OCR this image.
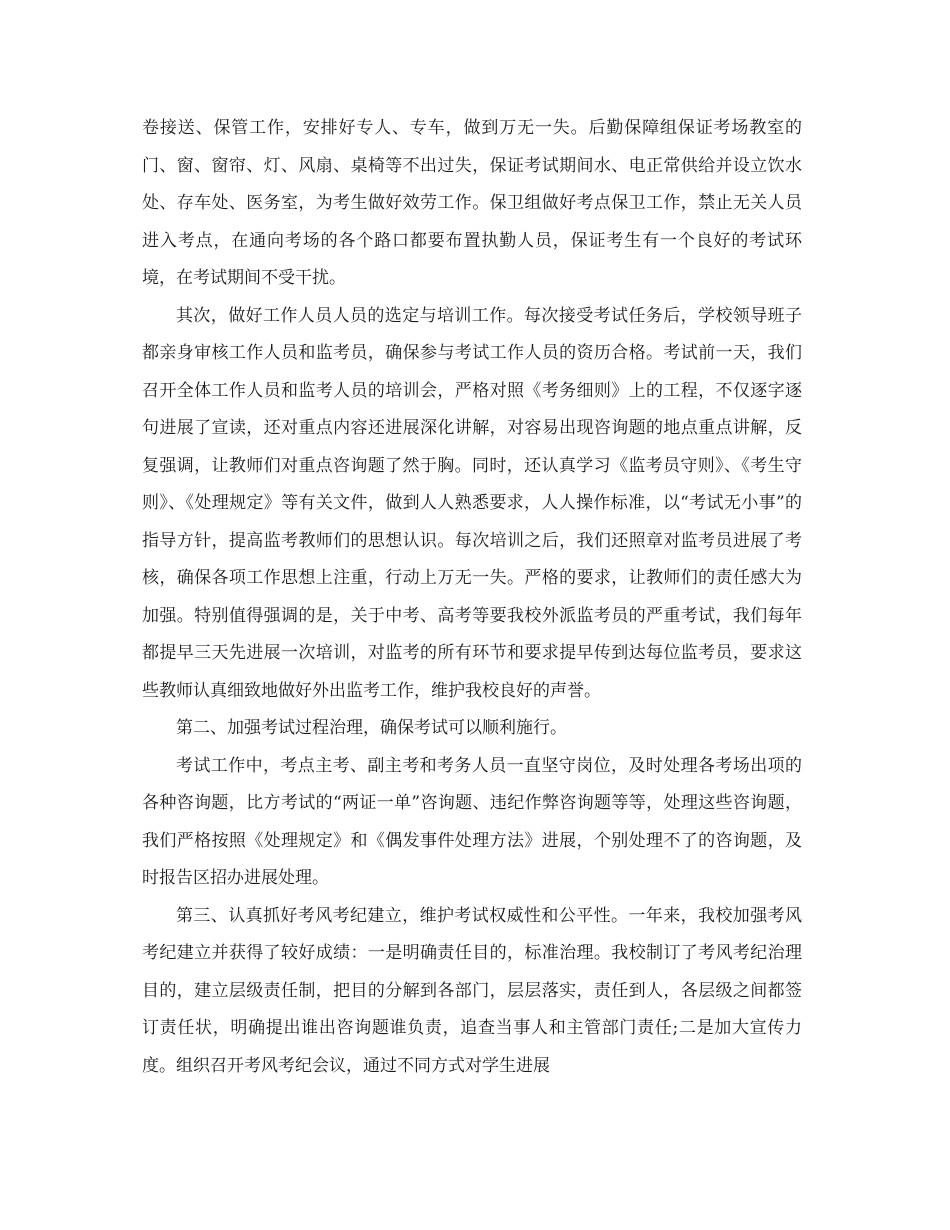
卷接送、保管工作，安排好专人、专车，做到万无一失。后勤保障组保证考场教室的门、窗、窗帘、灯、风扇、桌椅等不出过失，保证考试期间水、电正常供给并设立饮水处、存车处、医务室，为考生做好效劳工作。保卫组做好考点保卫工作，禁止无关人员进入考点，在通向考场的各个路口都要布置执勤人员，保证考生有一个良好的考试环境，在考试期间不受干扰。

其次，做好工作人员人员的选定与培训工作。每次接受考试任务后，学校领导班子都亲身审核工作人员和监考员，确保参与考试工作人员的资历合格。考试前一天，我们召开全体工作人员和监考人员的培训会，严格对照《考务细则》上的工程，不仅逐字逐句进展了宣读，还对重点内容还进展深化讲解，对容易出现咨询题的地点重点讲解，反复强调，让教师们对重点咨询题了然于胸。同时，还认真学习《监考员守则》、《考生守则》、《处理规定》等有关文件，做到人人熟悉要求，人人操作标准，以“考试无小事”的指导方针，提高监考教师们的思想认识。每次培训之后，我们还照章对监考员进展了考核，确保各项工作思想上注重，行动上万无一失。严格的要求，让教师们的责任感大为加强。特别值得强调的是，关于中考、高考等要我校外派监考员的严重考试，我们每年都提早三天先进展一次培训，对监考的所有环节和要求提早传到达每位监考员，要求这些教师认真细致地做好外出监考工作，维护我校良好的声誉。

第二、加强考试过程治理，确保考试可以顺利施行。

考试工作中，考点主考、副主考和考务人员一直坚守岗位，及时处理各考场出项的各种咨询题，比方考试的“两证一单”咨询题、违纪作弊咨询题等等，处理这些咨询题，我们严格按照《处理规定》和《偶发事件处理方法》进展，个别处理不了的咨询题，及时报告区招办进展处理。

第三、认真抓好考风考纪建立，维护考试权威性和公平性。一年来，我校加强考风考纪建立并获得了较好成绩：一是明确责任目的，标准治理。我校制订了考风考纪治理目的，建立层级责任制，把目的分解到各部门，层层落实，责任到人，各层级之间都签订责任状，明确提出谁出咨询题谁负责，追查当事人和主管部门责任;二是加大宣传力度。组织召开考风考纪会议，通过不同方式对学生进展
